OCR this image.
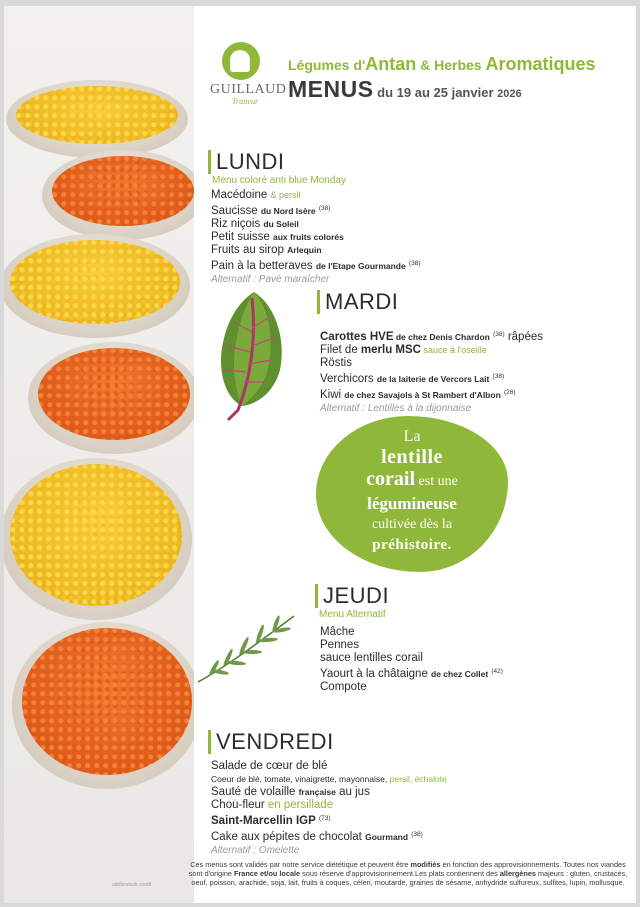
adobestock credit
GUILLAUD
Traiteur
Légumes d'Antan & Herbes Aromatiques
MENUS du 19 au 25 janvier 2026
LUNDI
Menu coloré anti blue Monday
Macédoine & persil
Saucisse du Nord Isère $^{(38)}$
Riz niçois du Soleil
Petit suisse aux fruits colorés
Fruits au sirop Arlequin
Pain à la betteraves de l'Etape Gourmande $^{(38)}$
Alternatif : Pavé maraîcher
MARDI
Carottes HVE de chez Denis Chardon $^{(38)}$ râpées
Filet de merlu MSC sauce à l'oseille
Röstis
Verchicors de la laiterie de Vercors Lait $^{(38)}$
Kiwi de chez Savajols à St Rambert d'Albon $^{(26)}$
Alternatif : Lentilles à la dijonnaise
La
lentille
corail est une
légumineuse
cultivée dès la
préhistoire.
JEUDI
Menu Alternatif
Mâche
Pennes
sauce lentilles corail
Yaourt à la châtaigne de chez Collet $^{(42)}$
Compote
VENDREDI
Salade de cœur de blé
Coeur de blé, tomate, vinaigrette, mayonnaise, persil, échalote
Sauté de volaille française au jus
Chou-fleur en persillade
Saint-Marcellin IGP $^{(73)}$
Cake aux pépites de chocolat Gourmand $^{(38)}$
Alternatif : Omelette
Ces menus sont validés par notre service diététique et peuvent être modifiés en fonction des approvisionnements. Toutes nos viandes sont d'origine France et/ou locale sous réserve d'approvisionnement.Les plats contiennent des allergènes majeurs : gluten, crustacés, oeuf, poisson, arachide, soja, lait, fruits à coques, céleri, moutarde, graines de sésame, anhydride sulfureux, sulfites, lupin, mollusque.
